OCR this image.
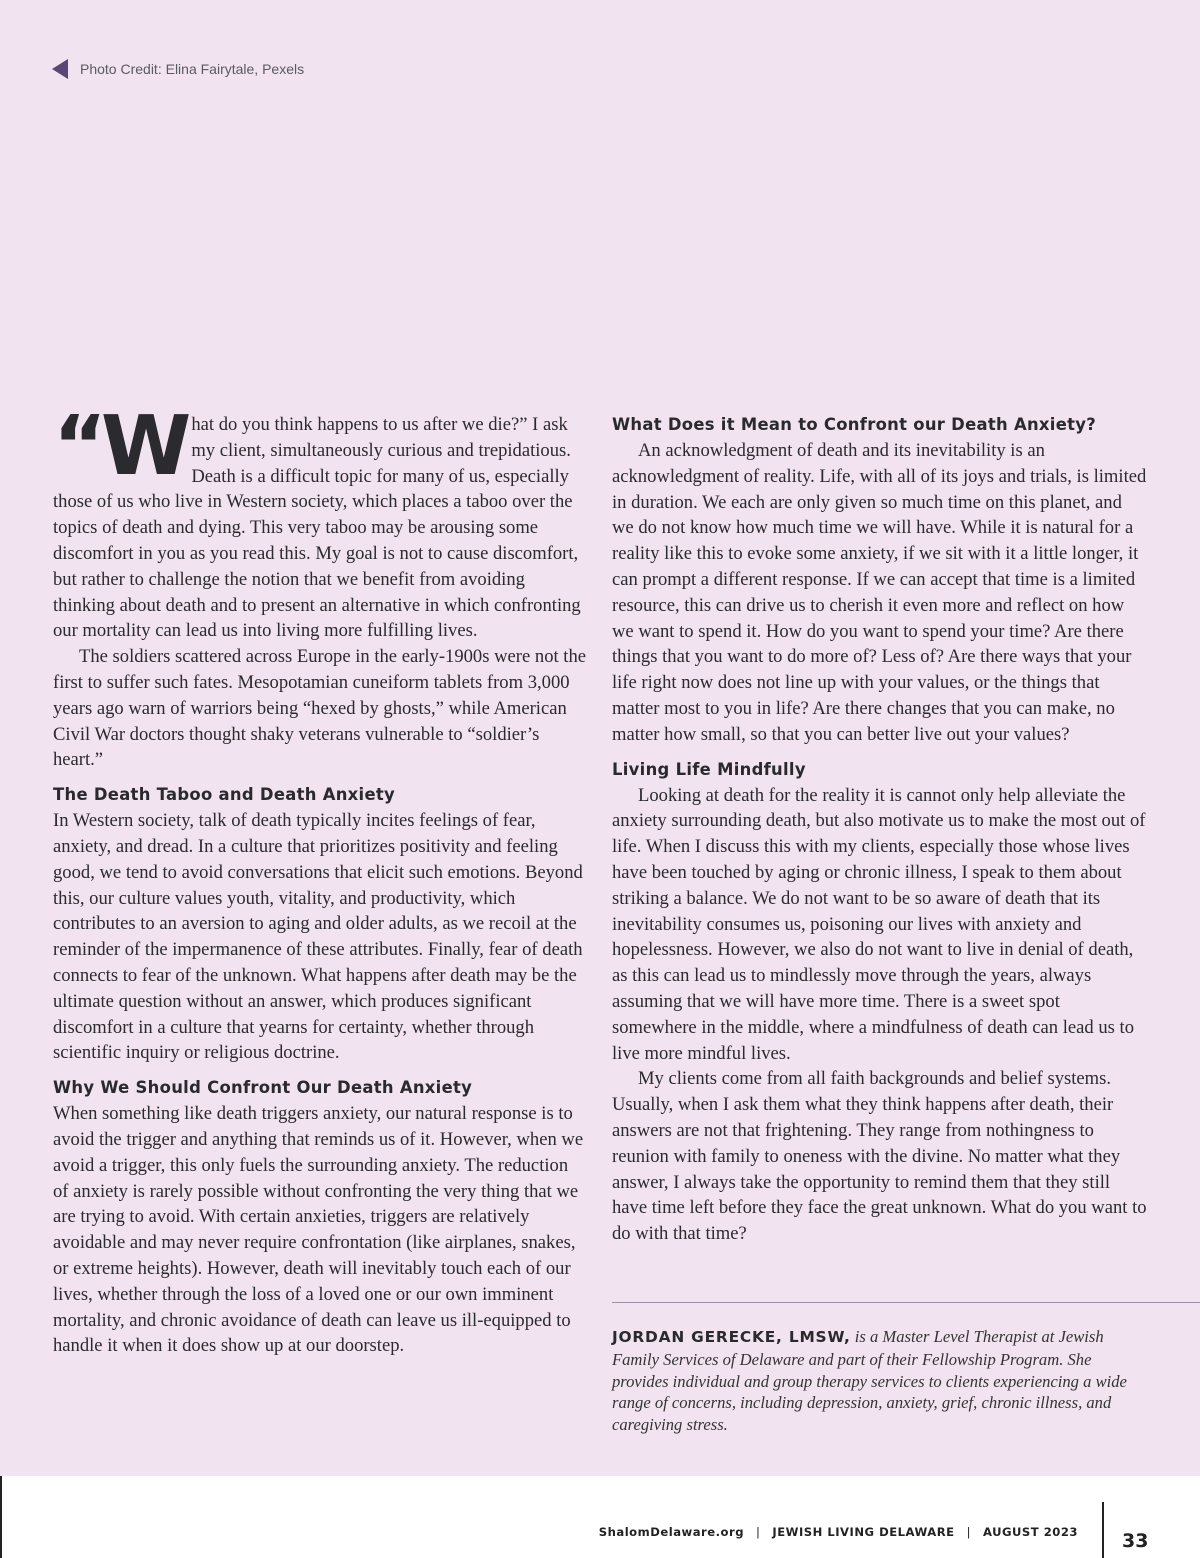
Photo Credit: Elina Fairytale, Pexels

“What do you think happens to us after we die?” I ask my client, simultaneously curious and trepidatious. Death is a difficult topic for many of us, especially those of us who live in Western society, which places a taboo over the topics of death and dying. This very taboo may be arousing some discomfort in you as you read this. My goal is not to cause discomfort, but rather to challenge the notion that we benefit from avoiding thinking about death and to present an alternative in which confronting our mortality can lead us into living more fulfilling lives.

The soldiers scattered across Europe in the early-1900s were not the first to suffer such fates. Mesopotamian cuneiform tablets from 3,000 years ago warn of warriors being “hexed by ghosts,” while American Civil War doctors thought shaky veterans vulnerable to “soldier’s heart.”

The Death Taboo and Death Anxiety

In Western society, talk of death typically incites feelings of fear, anxiety, and dread. In a culture that prioritizes positivity and feeling good, we tend to avoid conversations that elicit such emotions. Beyond this, our culture values youth, vitality, and productivity, which contributes to an aversion to aging and older adults, as we recoil at the reminder of the impermanence of these attributes. Finally, fear of death connects to fear of the unknown. What happens after death may be the ultimate question without an answer, which produces significant discomfort in a culture that yearns for certainty, whether through scientific inquiry or religious doctrine.

Why We Should Confront Our Death Anxiety

When something like death triggers anxiety, our natural response is to avoid the trigger and anything that reminds us of it. However, when we avoid a trigger, this only fuels the surrounding anxiety. The reduction of anxiety is rarely possible without confronting the very thing that we are trying to avoid. With certain anxieties, triggers are relatively avoidable and may never require confrontation (like airplanes, snakes, or extreme heights). However, death will inevitably touch each of our lives, whether through the loss of a loved one or our own imminent mortality, and chronic avoidance of death can leave us ill-equipped to handle it when it does show up at our doorstep.

What Does it Mean to Confront our Death Anxiety?

An acknowledgment of death and its inevitability is an acknowledgment of reality. Life, with all of its joys and trials, is limited in duration. We each are only given so much time on this planet, and we do not know how much time we will have. While it is natural for a reality like this to evoke some anxiety, if we sit with it a little longer, it can prompt a different response. If we can accept that time is a limited resource, this can drive us to cherish it even more and reflect on how we want to spend it. How do you want to spend your time? Are there things that you want to do more of? Less of? Are there ways that your life right now does not line up with your values, or the things that matter most to you in life? Are there changes that you can make, no matter how small, so that you can better live out your values?

Living Life Mindfully

Looking at death for the reality it is cannot only help alleviate the anxiety surrounding death, but also motivate us to make the most out of life. When I discuss this with my clients, especially those whose lives have been touched by aging or chronic illness, I speak to them about striking a balance. We do not want to be so aware of death that its inevitability consumes us, poisoning our lives with anxiety and hopelessness. However, we also do not want to live in denial of death, as this can lead us to mindlessly move through the years, always assuming that we will have more time. There is a sweet spot somewhere in the middle, where a mindfulness of death can lead us to live more mindful lives.

My clients come from all faith backgrounds and belief systems. Usually, when I ask them what they think happens after death, their answers are not that frightening. They range from nothingness to reunion with family to oneness with the divine. No matter what they answer, I always take the opportunity to remind them that they still have time left before they face the great unknown. What do you want to do with that time?

JORDAN GERECKE, LMSW, is a Master Level Therapist at Jewish Family Services of Delaware and part of their Fellowship Program. She provides individual and group therapy services to clients experiencing a wide range of concerns, including depression, anxiety, grief, chronic illness, and caregiving stress.
ShalomDelaware.org | JEWISH LIVING DELAWARE | AUGUST 2023 33
